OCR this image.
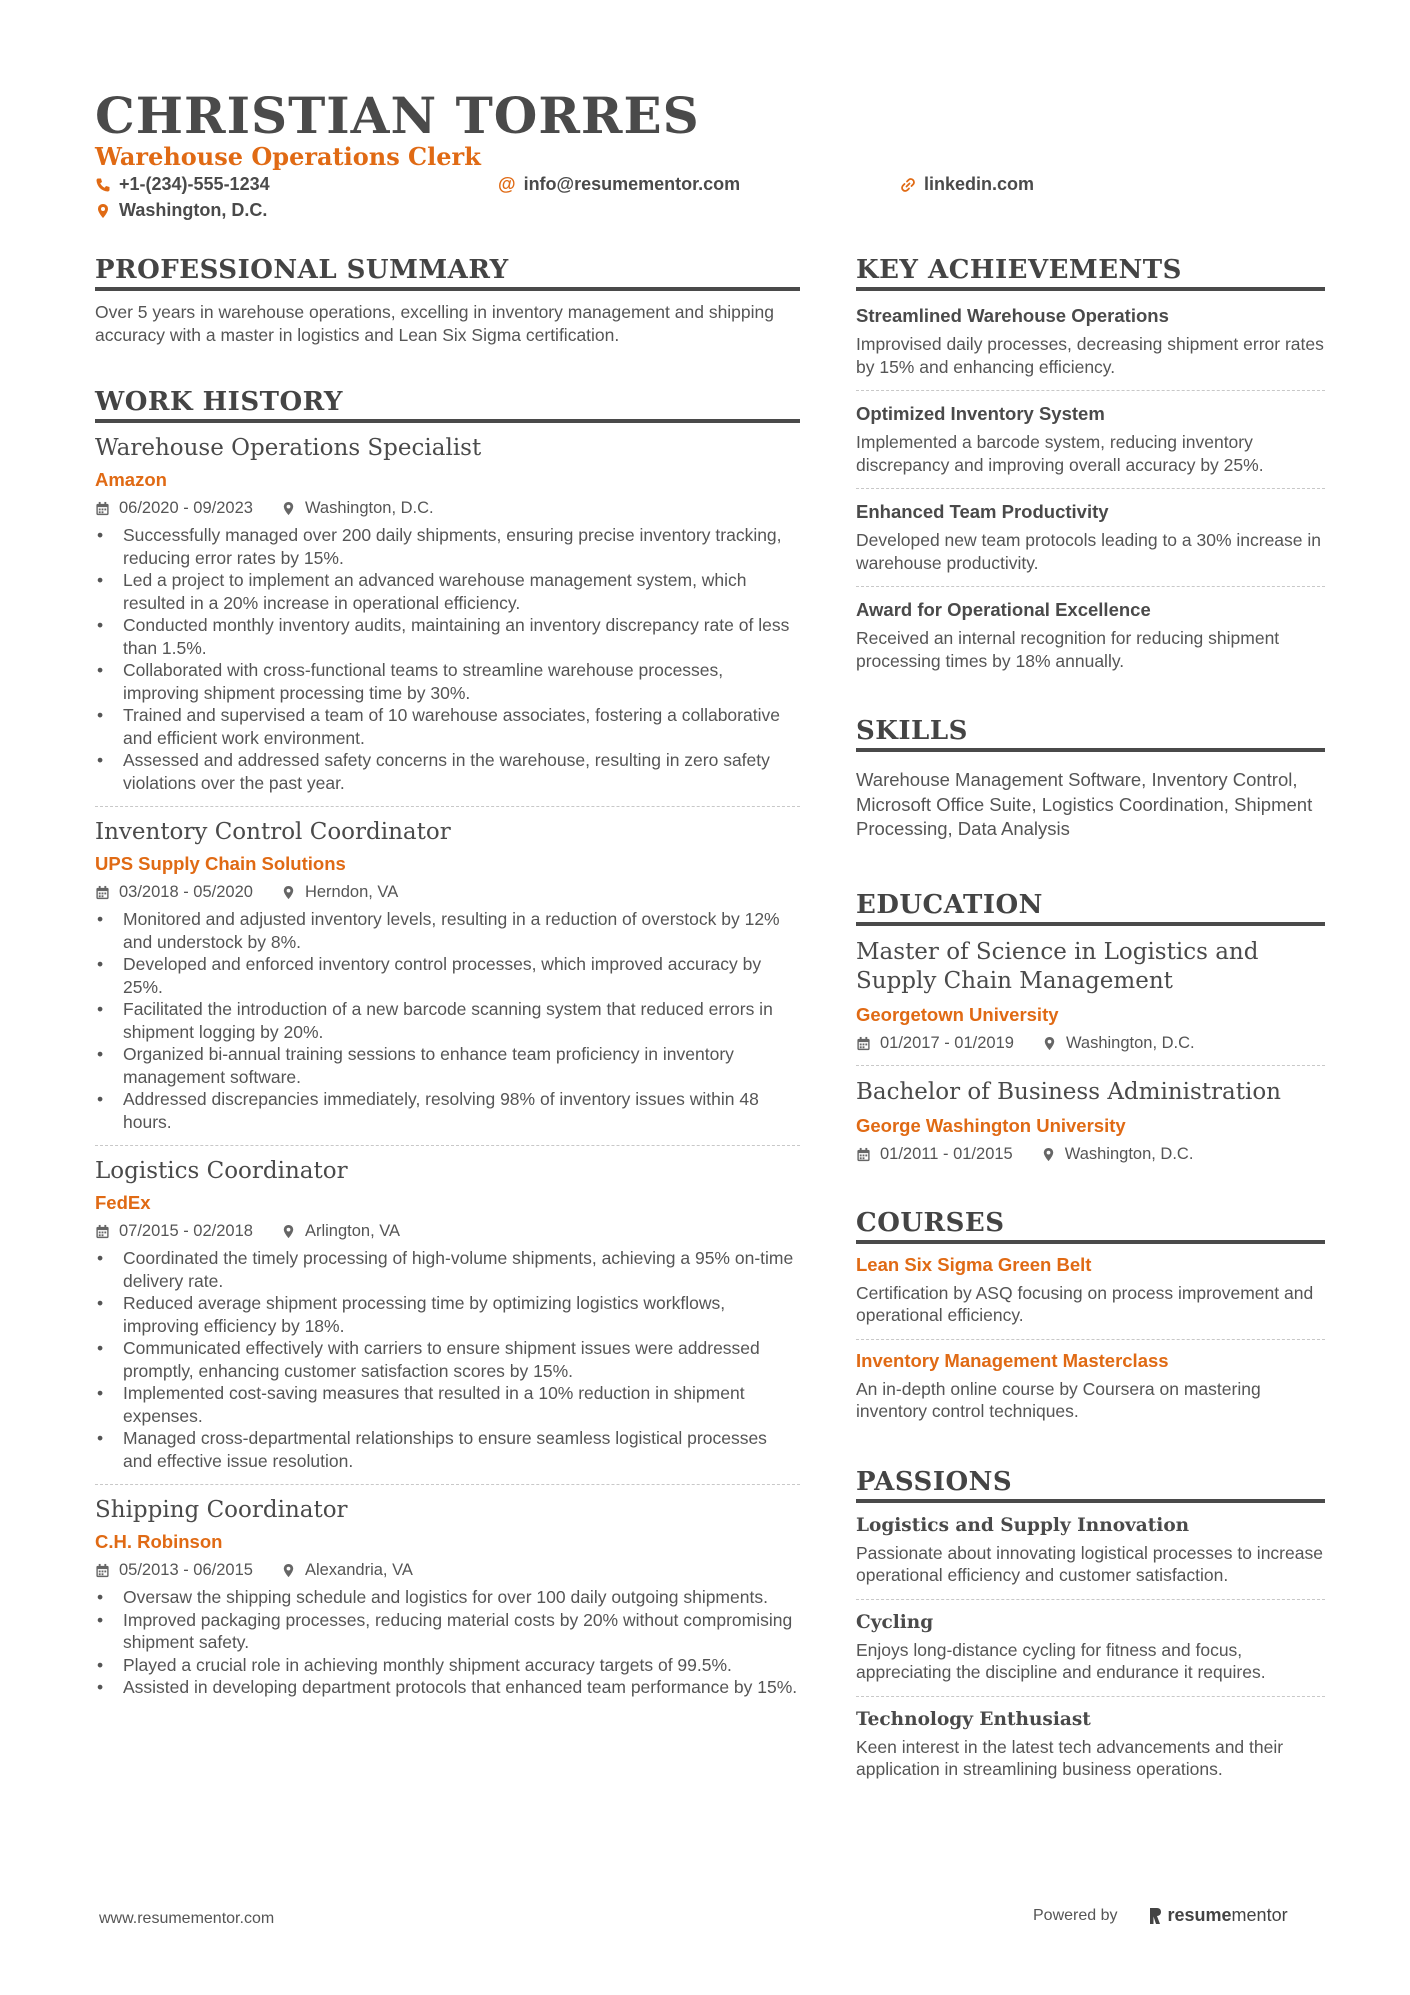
CHRISTIAN TORRES
Warehouse Operations Clerk
+1-(234)-555-1234	@ info@resumementor.com	linkedin.com
Washington, D.C.
PROFESSIONAL SUMMARY
Over 5 years in warehouse operations, excelling in inventory management and shipping accuracy with a master in logistics and Lean Six Sigma certification.
WORK HISTORY
Warehouse Operations Specialist
Amazon
06/2020 - 09/2023	Washington, D.C.
• Successfully managed over 200 daily shipments, ensuring precise inventory tracking, reducing error rates by 15%.
• Led a project to implement an advanced warehouse management system, which resulted in a 20% increase in operational efficiency.
• Conducted monthly inventory audits, maintaining an inventory discrepancy rate of less than 1.5%.
• Collaborated with cross-functional teams to streamline warehouse processes, improving shipment processing time by 30%.
• Trained and supervised a team of 10 warehouse associates, fostering a collaborative and efficient work environment.
• Assessed and addressed safety concerns in the warehouse, resulting in zero safety violations over the past year.
Inventory Control Coordinator
UPS Supply Chain Solutions
03/2018 - 05/2020	Herndon, VA
• Monitored and adjusted inventory levels, resulting in a reduction of overstock by 12% and understock by 8%.
• Developed and enforced inventory control processes, which improved accuracy by 25%.
• Facilitated the introduction of a new barcode scanning system that reduced errors in shipment logging by 20%.
• Organized bi-annual training sessions to enhance team proficiency in inventory management software.
• Addressed discrepancies immediately, resolving 98% of inventory issues within 48 hours.
Logistics Coordinator
FedEx
07/2015 - 02/2018	Arlington, VA
• Coordinated the timely processing of high-volume shipments, achieving a 95% on-time delivery rate.
• Reduced average shipment processing time by optimizing logistics workflows, improving efficiency by 18%.
• Communicated effectively with carriers to ensure shipment issues were addressed promptly, enhancing customer satisfaction scores by 15%.
• Implemented cost-saving measures that resulted in a 10% reduction in shipment expenses.
• Managed cross-departmental relationships to ensure seamless logistical processes and effective issue resolution.
Shipping Coordinator
C.H. Robinson
05/2013 - 06/2015	Alexandria, VA
• Oversaw the shipping schedule and logistics for over 100 daily outgoing shipments.
• Improved packaging processes, reducing material costs by 20% without compromising shipment safety.
• Played a crucial role in achieving monthly shipment accuracy targets of 99.5%.
• Assisted in developing department protocols that enhanced team performance by 15%.
KEY ACHIEVEMENTS
Streamlined Warehouse Operations
Improvised daily processes, decreasing shipment error rates by 15% and enhancing efficiency.
Optimized Inventory System
Implemented a barcode system, reducing inventory discrepancy and improving overall accuracy by 25%.
Enhanced Team Productivity
Developed new team protocols leading to a 30% increase in warehouse productivity.
Award for Operational Excellence
Received an internal recognition for reducing shipment processing times by 18% annually.
SKILLS
Warehouse Management Software, Inventory Control, Microsoft Office Suite, Logistics Coordination, Shipment Processing, Data Analysis
EDUCATION
Master of Science in Logistics and Supply Chain Management
Georgetown University
01/2017 - 01/2019	Washington, D.C.
Bachelor of Business Administration
George Washington University
01/2011 - 01/2015	Washington, D.C.
COURSES
Lean Six Sigma Green Belt
Certification by ASQ focusing on process improvement and operational efficiency.
Inventory Management Masterclass
An in-depth online course by Coursera on mastering inventory control techniques.
PASSIONS
Logistics and Supply Innovation
Passionate about innovating logistical processes to increase operational efficiency and customer satisfaction.
Cycling
Enjoys long-distance cycling for fitness and focus, appreciating the discipline and endurance it requires.
Technology Enthusiast
Keen interest in the latest tech advancements and their application in streamlining business operations.
www.resumementor.com	Powered by	resumementor
